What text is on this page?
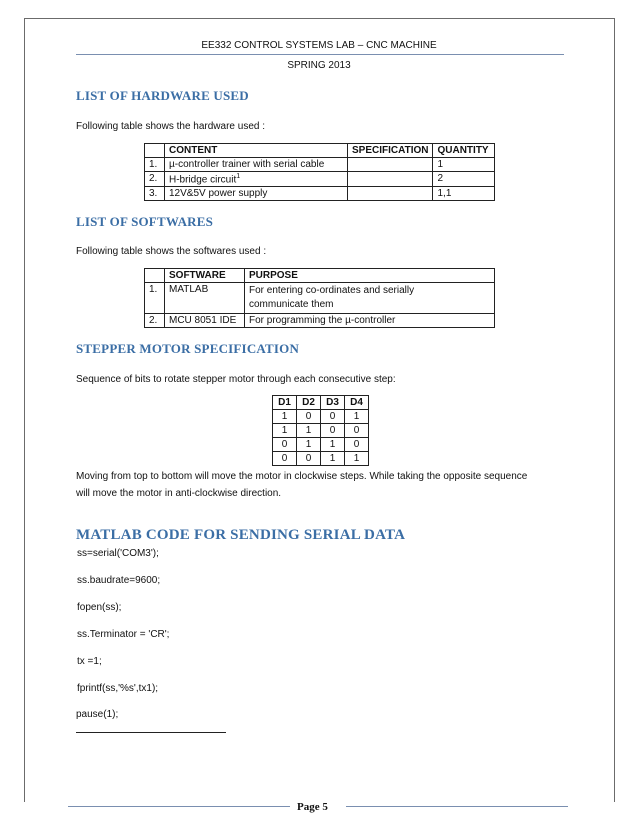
EE332 CONTROL SYSTEMS LAB – CNC MACHINE
SPRING 2013
LIST OF HARDWARE USED
Following table shows the hardware used :
	CONTENT	SPECIFICATION	QUANTITY
1.	µ-controller trainer with serial cable		1
2.	H-bridge circuit$^1$		2
3.	12V&5V power supply		1,1
LIST OF SOFTWARES
Following table shows the softwares used :
	SOFTWARE	PURPOSE
1.	MATLAB	For entering co-ordinates and serially
communicate them

2.	MCU 8051 IDE	For programming the µ-controller
STEPPER MOTOR SPECIFICATION
Sequence of bits to rotate stepper motor through each consecutive step:
D1	D2	D3	D4
1	0	0	1
1	1	0	0
0	1	1	0
0	0	1	1
Moving from top to bottom will move the motor in clockwise steps. While taking the opposite sequence
will move the motor in anti-clockwise direction.
MATLAB CODE FOR SENDING SERIAL DATA
ss=serial('COM3');
ss.baudrate=9600;
fopen(ss);
ss.Terminator = 'CR';
tx =1;
fprintf(ss,'%s',tx1);
pause(1);
Page 5
